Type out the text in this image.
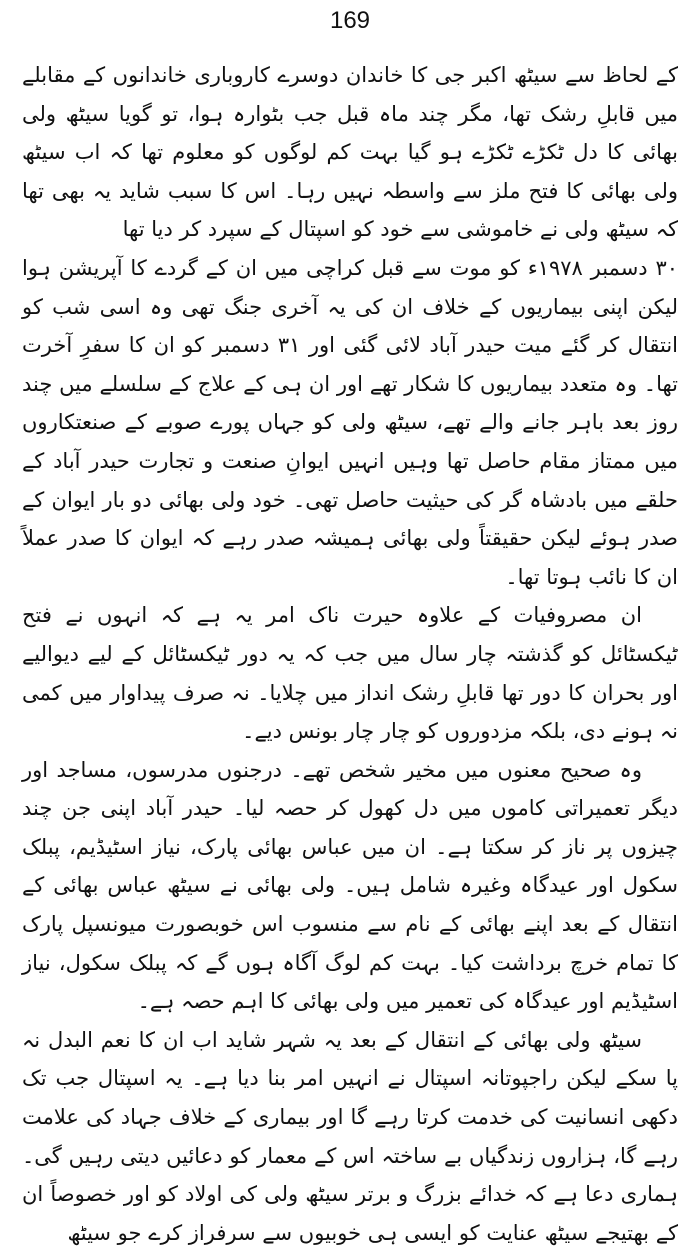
169

کے لحاظ سے سیٹھ اکبر جی کا خاندان دوسرے کاروباری خاندانوں کے مقابلے میں قابلِ رشک تھا، مگر چند ماہ قبل جب بٹوارہ ہوا، تو گویا سیٹھ ولی بھائی کا دل ٹکڑے ٹکڑے ہو گیا بہت کم لوگوں کو معلوم تھا کہ اب سیٹھ ولی بھائی کا فتح ملز سے واسطہ نہیں رہا۔ اس کا سبب شاید یہ بھی تھا کہ سیٹھ ولی نے خاموشی سے خود کو اسپتال کے سپرد کر دیا تھا

۳۰ دسمبر ۱۹۷۸ء کو موت سے قبل کراچی میں ان کے گردے کا آپریشن ہوا لیکن اپنی بیماریوں کے خلاف ان کی یہ آخری جنگ تھی وہ اسی شب کو انتقال کر گئے میت حیدر آباد لائی گئی اور ۳۱ دسمبر کو ان کا سفرِ آخرت تھا۔ وہ متعدد بیماریوں کا شکار تھے اور ان ہی کے علاج کے سلسلے میں چند روز بعد باہر جانے والے تھے، سیٹھ ولی کو جہاں پورے صوبے کے صنعتکاروں میں ممتاز مقام حاصل تھا وہیں انہیں ایوانِ صنعت و تجارت حیدر آباد کے حلقے میں بادشاہ گر کی حیثیت حاصل تھی۔ خود ولی بھائی دو بار ایوان کے صدر ہوئے لیکن حقیقتاً ولی بھائی ہمیشہ صدر رہے کہ ایوان کا صدر عملاً ان کا نائب ہوتا تھا۔

ان مصروفیات کے علاوہ حیرت ناک امر یہ ہے کہ انہوں نے فتح ٹیکسٹائل کو گذشتہ چار سال میں جب کہ یہ دور ٹیکسٹائل کے لیے دیوالیے اور بحران کا دور تھا قابلِ رشک انداز میں چلایا۔ نہ صرف پیداوار میں کمی نہ ہونے دی، بلکہ مزدوروں کو چار چار بونس دیے۔

وہ صحیح معنوں میں مخیر شخص تھے۔ درجنوں مدرسوں، مساجد اور دیگر تعمیراتی کاموں میں دل کھول کر حصہ لیا۔ حیدر آباد اپنی جن چند چیزوں پر ناز کر سکتا ہے۔ ان میں عباس بھائی پارک، نیاز اسٹیڈیم، پبلک سکول اور عیدگاہ وغیرہ شامل ہیں۔ ولی بھائی نے سیٹھ عباس بھائی کے انتقال کے بعد اپنے بھائی کے نام سے منسوب اس خوبصورت میونسپل پارک کا تمام خرچ برداشت کیا۔ بہت کم لوگ آگاہ ہوں گے کہ پبلک سکول، نیاز اسٹیڈیم اور عیدگاہ کی تعمیر میں ولی بھائی کا اہم حصہ ہے۔

سیٹھ ولی بھائی کے انتقال کے بعد یہ شہر شاید اب ان کا نعم البدل نہ پا سکے لیکن راجپوتانہ اسپتال نے انہیں امر بنا دیا ہے۔ یہ اسپتال جب تک دکھی انسانیت کی خدمت کرتا رہے گا اور بیماری کے خلاف جہاد کی علامت رہے گا، ہزاروں زندگیاں بے ساختہ اس کے معمار کو دعائیں دیتی رہیں گی۔ ہماری دعا ہے کہ خدائے بزرگ و برتر سیٹھ ولی کی اولاد کو اور خصوصاً ان کے بھتیجے سیٹھ عنایت کو ایسی ہی خوبیوں سے سرفراز کرے جو سیٹھ
